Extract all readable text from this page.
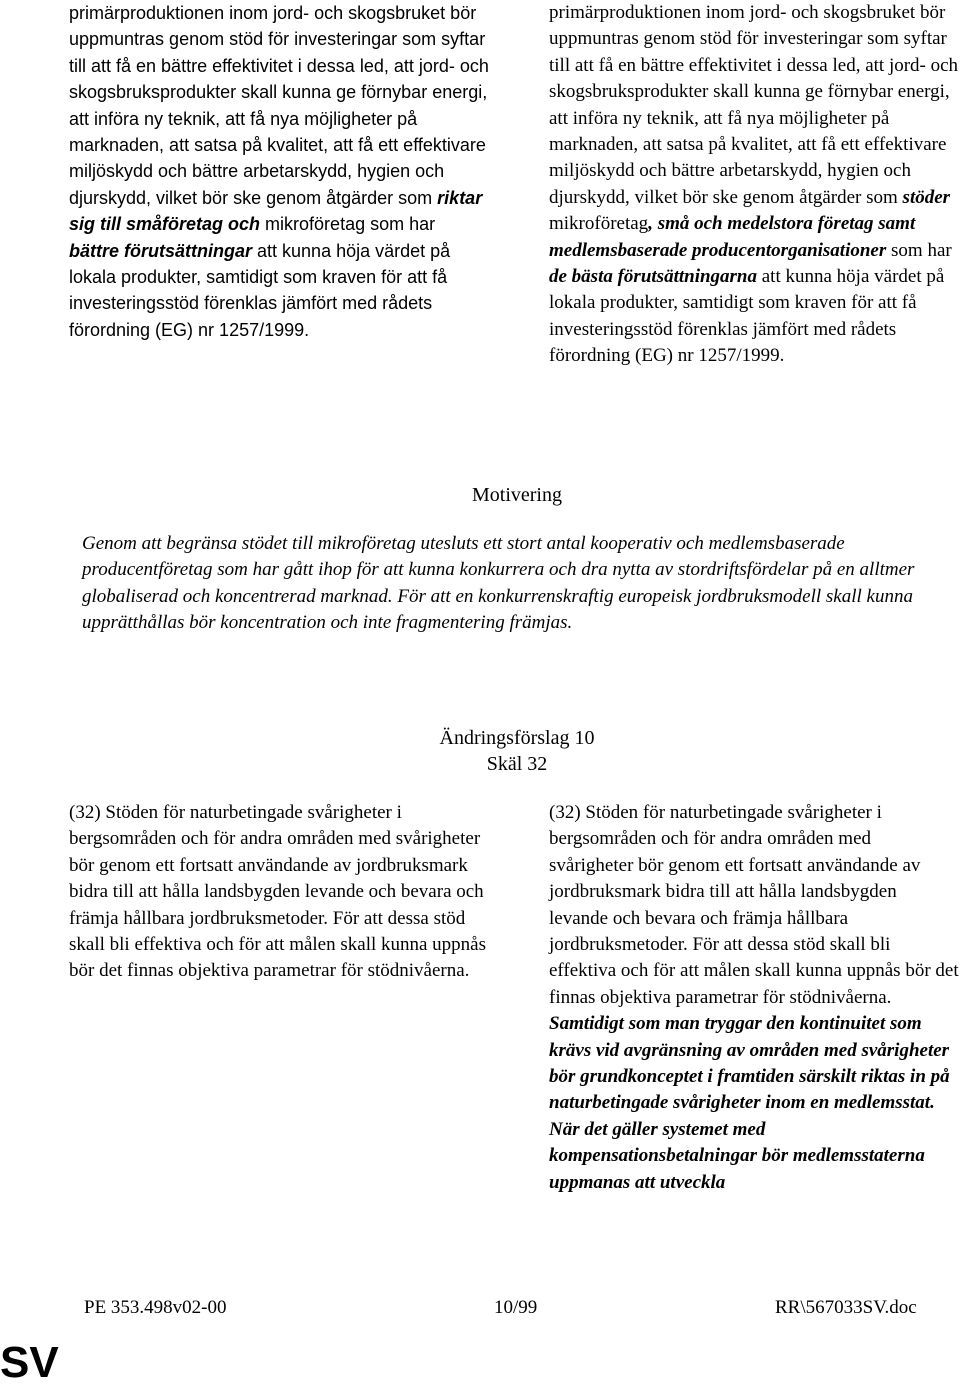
primärproduktionen inom jord- och skogsbruket bör uppmuntras genom stöd för investeringar som syftar till att få en bättre effektivitet i dessa led, att jord- och skogsbruksprodukter skall kunna ge förnybar energi, att införa ny teknik, att få nya möjligheter på marknaden, att satsa på kvalitet, att få ett effektivare miljöskydd och bättre arbetarskydd, hygien och djurskydd, vilket bör ske genom åtgärder som riktar sig till småföretag och mikroföretag som har bättre förutsättningar att kunna höja värdet på lokala produkter, samtidigt som kraven för att få investeringsstöd förenklas jämfört med rådets förordning (EG) nr 1257/1999.

primärproduktionen inom jord- och skogsbruket bör uppmuntras genom stöd för investeringar som syftar till att få en bättre effektivitet i dessa led, att jord- och skogsbruksprodukter skall kunna ge förnybar energi, att införa ny teknik, att få nya möjligheter på marknaden, att satsa på kvalitet, att få ett effektivare miljöskydd och bättre arbetarskydd, hygien och djurskydd, vilket bör ske genom åtgärder som stöder mikroföretag, små och medelstora företag samt medlemsbaserade producentorganisationer som har de bästa förutsättningarna att kunna höja värdet på lokala produkter, samtidigt som kraven för att få investeringsstöd förenklas jämfört med rådets förordning (EG) nr 1257/1999.

Motivering
Genom att begränsa stödet till mikroföretag utesluts ett stort antal kooperativ och medlemsbaserade producentföretag som har gått ihop för att kunna konkurrera och dra nytta av stordriftsfördelar på en alltmer globaliserad och koncentrerad marknad. För att en konkurrenskraftig europeisk jordbruksmodell skall kunna upprätthållas bör koncentration och inte fragmentering främjas.
Ändringsförslag 10
Skäl 32

(32) Stöden för naturbetingade svårigheter i bergsområden och för andra områden med svårigheter bör genom ett fortsatt användande av jordbruksmark bidra till att hålla landsbygden levande och bevara och främja hållbara jordbruksmetoder. För att dessa stöd skall bli effektiva och för att målen skall kunna uppnås bör det finnas objektiva parametrar för stödnivåerna.

(32) Stöden för naturbetingade svårigheter i bergsområden och för andra områden med svårigheter bör genom ett fortsatt användande av jordbruksmark bidra till att hålla landsbygden levande och bevara och främja hållbara jordbruksmetoder. För att dessa stöd skall bli effektiva och för att målen skall kunna uppnås bör det finnas objektiva parametrar för stödnivåerna.

Samtidigt som man tryggar den kontinuitet som krävs vid avgränsning av områden med svårigheter bör grundkonceptet i framtiden särskilt riktas in på naturbetingade svårigheter inom en medlemsstat. När det gäller systemet med kompensationsbetalningar bör medlemsstaterna uppmanas att utveckla

PE 353.498v02-00	10/99	RR\567033SV.doc
SV
